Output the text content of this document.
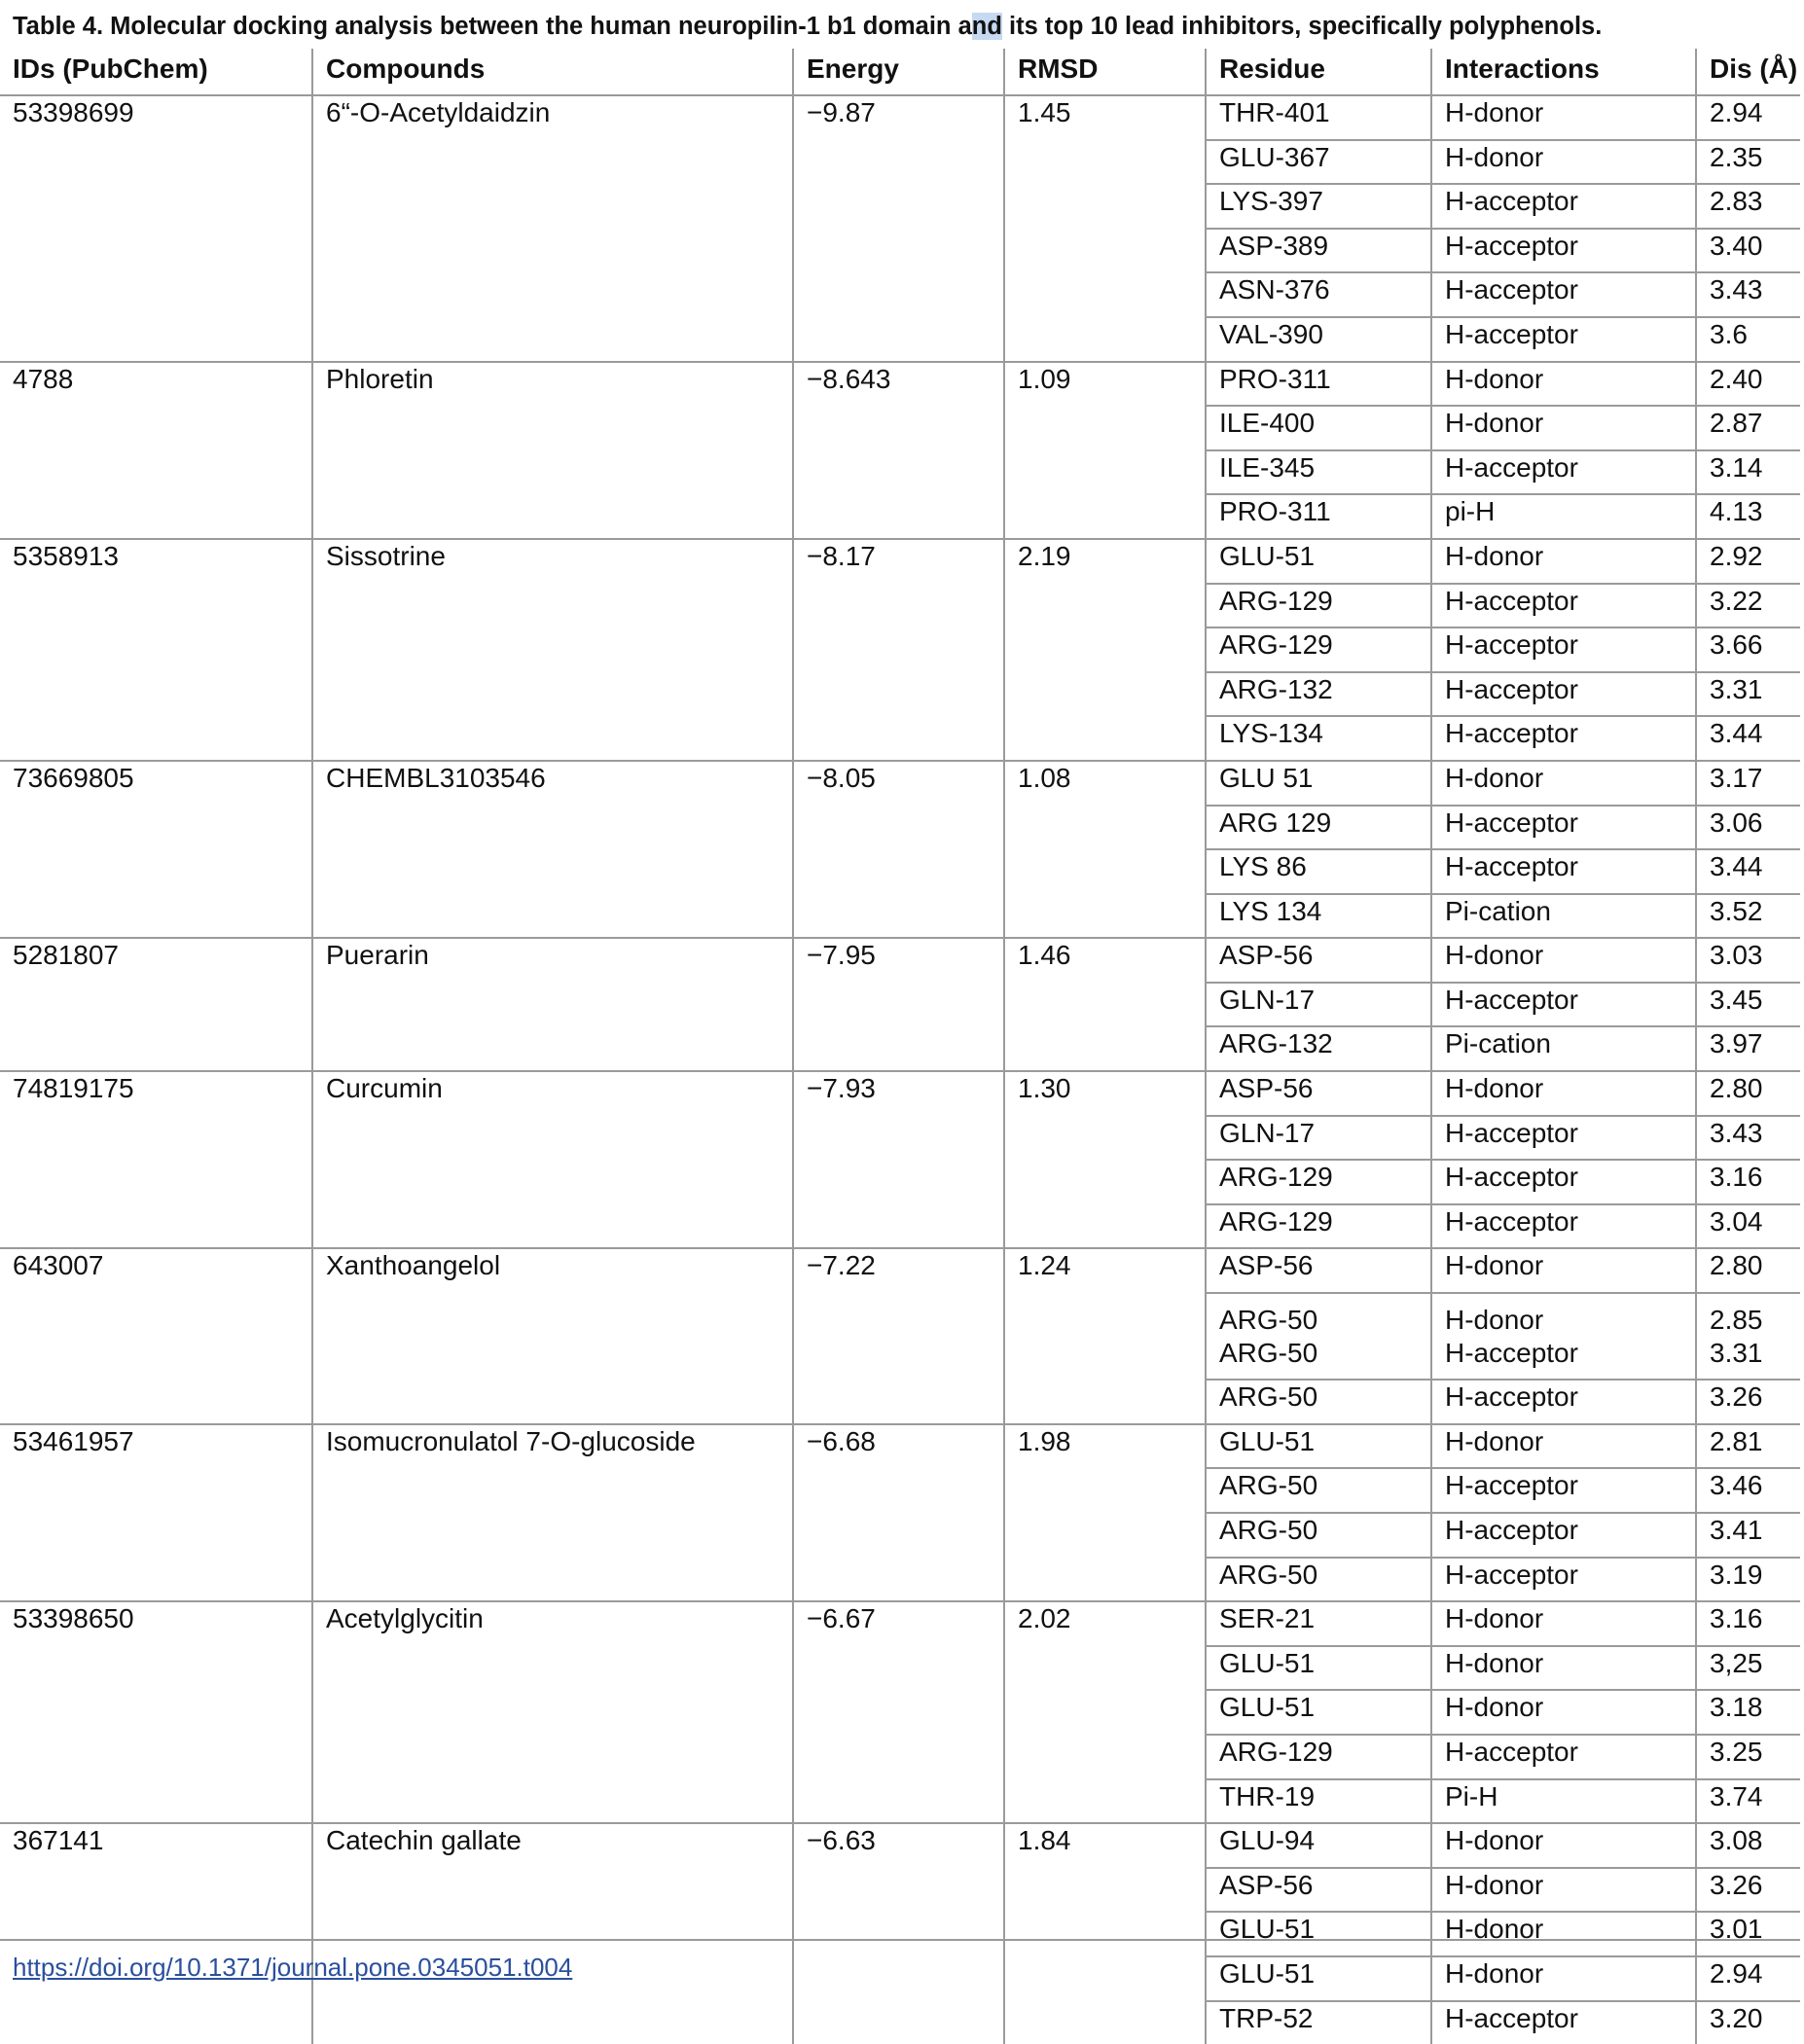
Table 4. Molecular docking analysis between the human neuropilin-1 b1 domain and its top 10 lead inhibitors, specifically polyphenols.
IDs (PubChem)	Compounds	Energy	RMSD	Residue	Interactions	Dis (Å)
53398699	6“-O-Acetyldaidzin	−9.87	1.45	THR-401	H-donor	2.94
				GLU-367	H-donor	2.35
				LYS-397	H-acceptor	2.83
				ASP-389	H-acceptor	3.40
				ASN-376	H-acceptor	3.43
				VAL-390	H-acceptor	3.6
4788	Phloretin	−8.643	1.09	PRO-311	H-donor	2.40
				ILE-400	H-donor	2.87
				ILE-345	H-acceptor	3.14
				PRO-311	pi-H	4.13
5358913	Sissotrine	−8.17	2.19	GLU-51	H-donor	2.92
				ARG-129	H-acceptor	3.22
				ARG-129	H-acceptor	3.66
				ARG-132	H-acceptor	3.31
				LYS-134	H-acceptor	3.44
73669805	CHEMBL3103546	−8.05	1.08	GLU 51	H-donor	3.17
				ARG 129	H-acceptor	3.06
				LYS 86	H-acceptor	3.44
				LYS 134	Pi-cation	3.52
5281807	Puerarin	−7.95	1.46	ASP-56	H-donor	3.03
				GLN-17	H-acceptor	3.45
				ARG-132	Pi-cation	3.97
74819175	Curcumin	−7.93	1.30	ASP-56	H-donor	2.80
				GLN-17	H-acceptor	3.43
				ARG-129	H-acceptor	3.16
				ARG-129	H-acceptor	3.04
643007	Xanthoangelol	−7.22	1.24	ASP-56	H-donor	2.80
				ARG-50	H-donor	2.85
				ARG-50	H-acceptor	3.31
				ARG-50	H-acceptor	3.26
53461957	Isomucronulatol 7-O-glucoside	−6.68	1.98	GLU-51	H-donor	2.81
				ARG-50	H-acceptor	3.46
				ARG-50	H-acceptor	3.41
				ARG-50	H-acceptor	3.19
53398650	Acetylglycitin	−6.67	2.02	SER-21	H-donor	3.16
				GLU-51	H-donor	3,25
				GLU-51	H-donor	3.18
				ARG-129	H-acceptor	3.25
				THR-19	Pi-H	3.74
367141	Catechin gallate	−6.63	1.84	GLU-94	H-donor	3.08
				ASP-56	H-donor	3.26
				GLU-51	H-donor	3.01
				GLU-51	H-donor	2.94
				TRP-52	H-acceptor	3.20
https://doi.org/10.1371/journal.pone.0345051.t004
